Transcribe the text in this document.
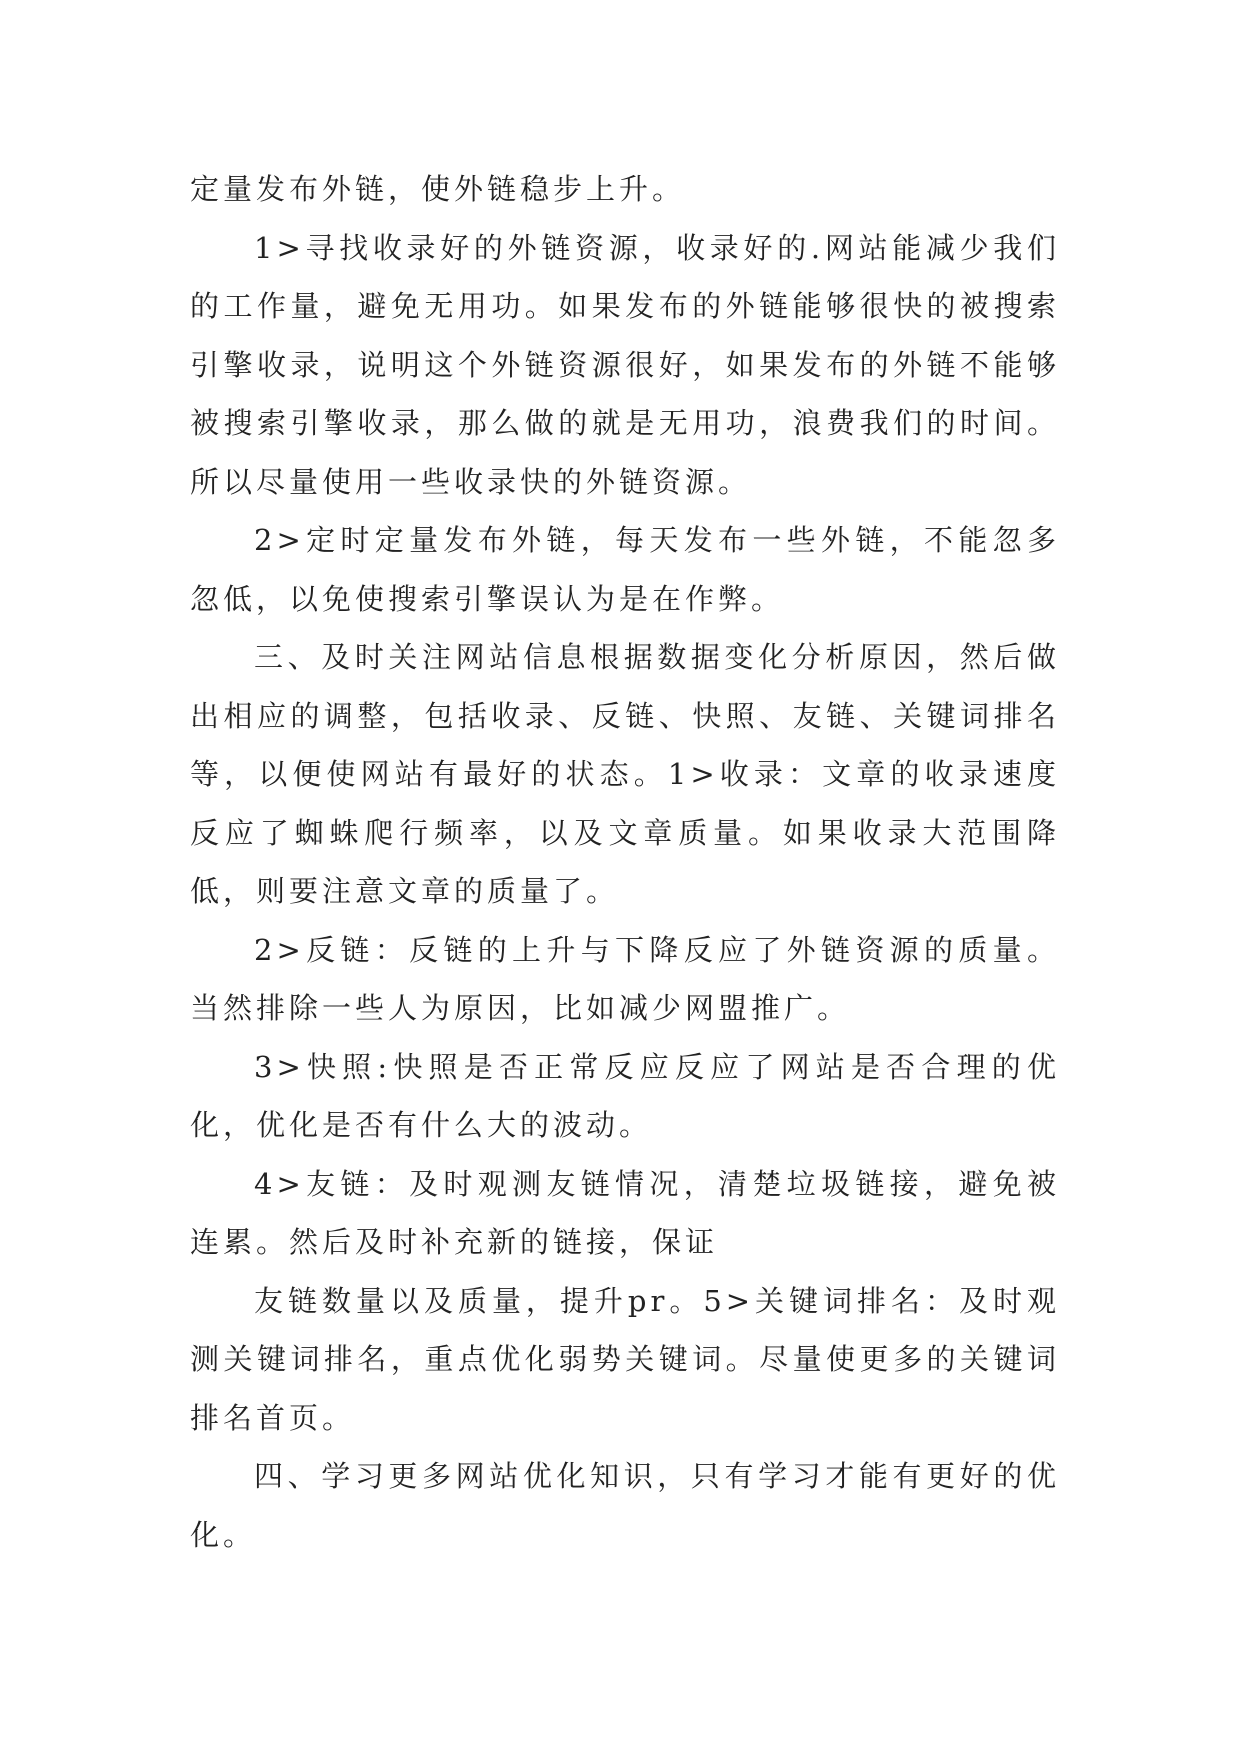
定量发布外链，使外链稳步上升。

1>寻找收录好的外链资源，收录好的.网站能减少我们的工作量，避免无用功。如果发布的外链能够很快的被搜索引擎收录，说明这个外链资源很好，如果发布的外链不能够被搜索引擎收录，那么做的就是无用功，浪费我们的时间。所以尽量使用一些收录快的外链资源。

2>定时定量发布外链，每天发布一些外链，不能忽多忽低，以免使搜索引擎误认为是在作弊。

三、及时关注网站信息根据数据变化分析原因，然后做出相应的调整，包括收录、反链、快照、友链、关键词排名等，以便使网站有最好的状态。1>收录：文章的收录速度反应了蜘蛛爬行频率，以及文章质量。如果收录大范围降低，则要注意文章的质量了。

2>反链：反链的上升与下降反应了外链资源的质量。当然排除一些人为原因，比如减少网盟推广。

3>快照:快照是否正常反应反应了网站是否合理的优化，优化是否有什么大的波动。

4>友链：及时观测友链情况，清楚垃圾链接，避免被连累。然后及时补充新的链接，保证

友链数量以及质量，提升pr。5>关键词排名：及时观测关键词排名，重点优化弱势关键词。尽量使更多的关键词排名首页。

四、学习更多网站优化知识，只有学习才能有更好的优化。
